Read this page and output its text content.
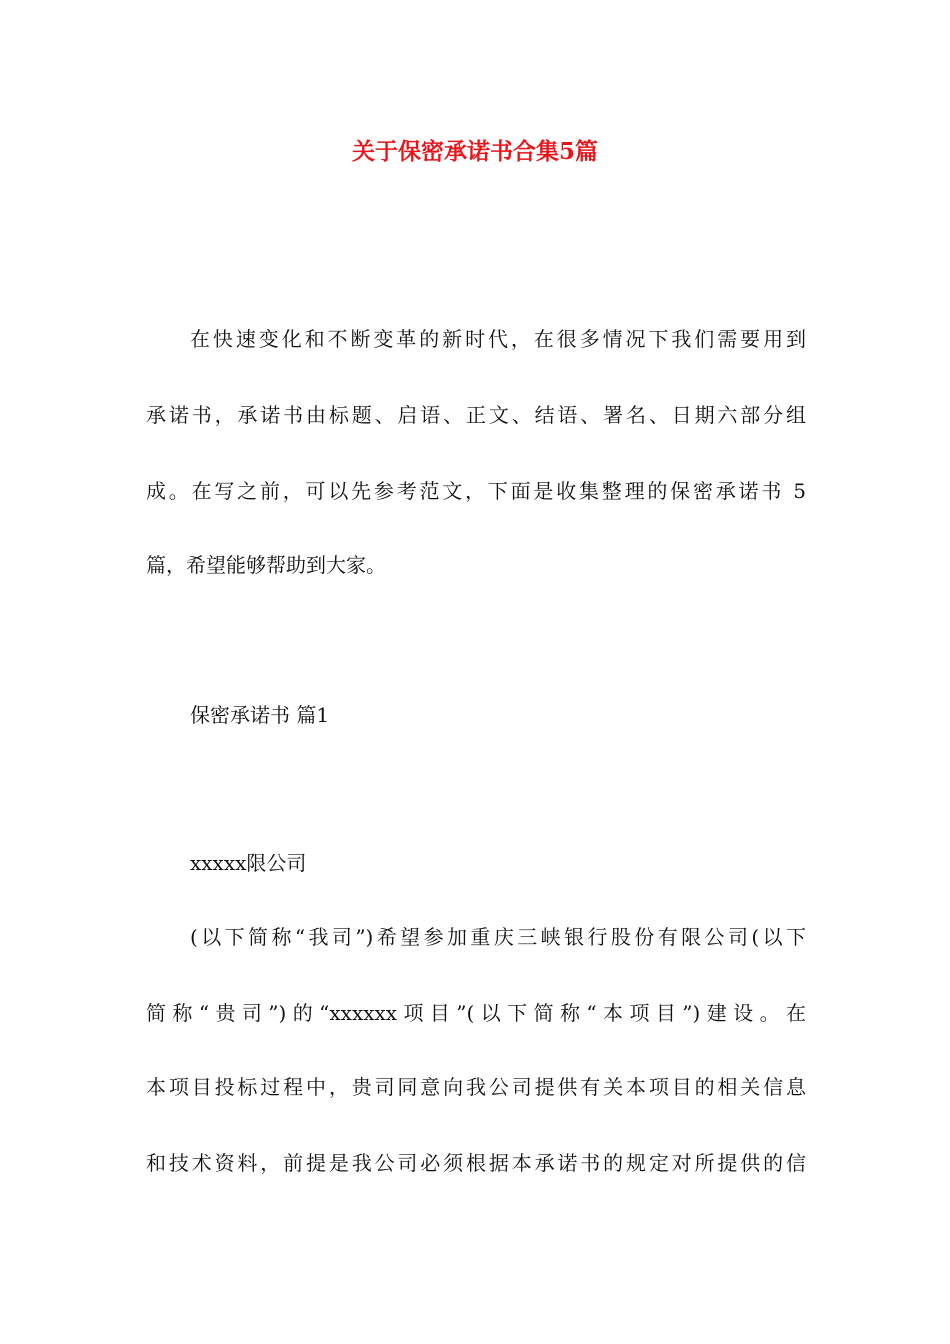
关于保密承诺书合集5篇

在快速变化和不断变革的新时代，在很多情况下我们需要用到

承诺书，承诺书由标题、启语、正文、结语、署名、日期六部分组

成。在写之前，可以先参考范文，下面是收集整理的保密承诺书 5

篇，希望能够帮助到大家。

保密承诺书 篇1

xxxxx限公司

(以下简称“我司”)希望参加重庆三峡银行股份有限公司(以下

简称“贵司”)的“xxxxxx项目”(以下简称“本项目”)建设。在

本项目投标过程中，贵司同意向我公司提供有关本项目的相关信息

和技术资料，前提是我公司必须根据本承诺书的规定对所提供的信
